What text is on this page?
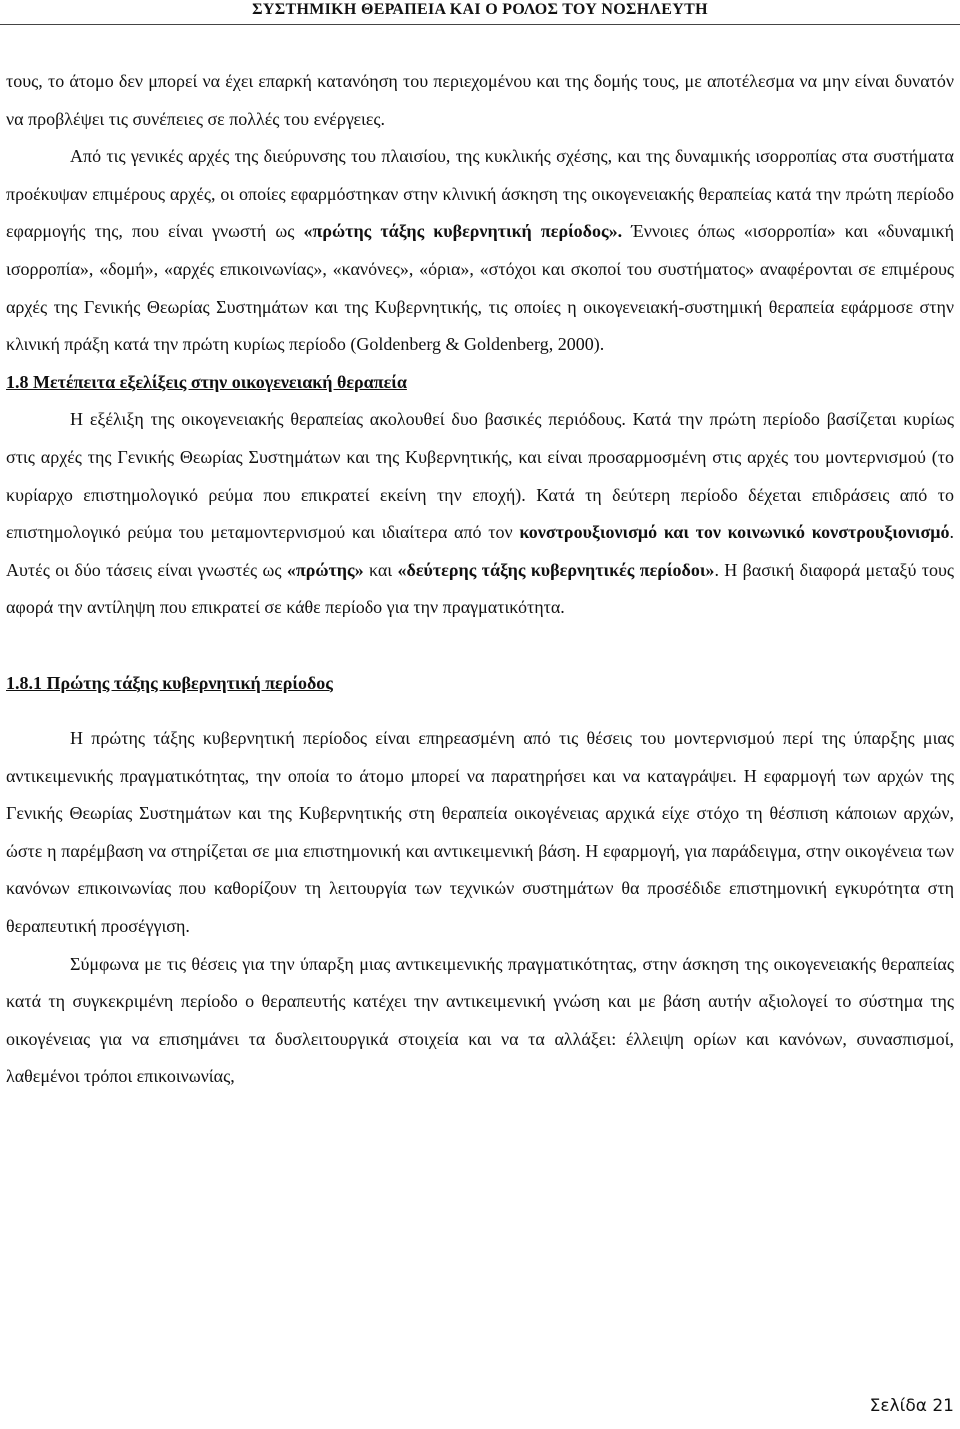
ΣΥΣΤΗΜΙΚΗ ΘΕΡΑΠΕΙΑ ΚΑΙ Ο ΡΟΛΟΣ ΤΟΥ ΝΟΣΗΛΕΥΤΗ

τους, το άτομο δεν μπορεί να έχει επαρκή κατανόηση του περιεχομένου και της δομής τους, με αποτέλεσμα να μην είναι δυνατόν να προβλέψει τις συνέπειες σε πολλές του ενέργειες.

Από τις γενικές αρχές της διεύρυνσης του πλαισίου, της κυκλικής σχέσης, και της δυναμικής ισορροπίας στα συστήματα προέκυψαν επιμέρους αρχές, οι οποίες εφαρμόστηκαν στην κλινική άσκηση της οικογενειακής θεραπείας κατά την πρώτη περίοδο εφαρμογής της, που είναι γνωστή ως «πρώτης τάξης κυβερνητική περίοδος». Έννοιες όπως «ισορροπία» και «δυναμική ισορροπία», «δομή», «αρχές επικοινωνίας», «κανόνες», «όρια», «στόχοι και σκοποί του συστήματος» αναφέρονται σε επιμέρους αρχές της Γενικής Θεωρίας Συστημάτων και της Κυβερνητικής, τις οποίες η οικογενειακή-συστημική θεραπεία εφάρμοσε στην κλινική πράξη κατά την πρώτη κυρίως περίοδο (Goldenberg & Goldenberg, 2000).

1.8 Μετέπειτα εξελίξεις στην οικογενειακή θεραπεία

Η εξέλιξη της οικογενειακής θεραπείας ακολουθεί δυο βασικές περιόδους. Κατά την πρώτη περίοδο βασίζεται κυρίως στις αρχές της Γενικής Θεωρίας Συστημάτων και της Κυβερνητικής, και είναι προσαρμοσμένη στις αρχές του μοντερνισμού (το κυρίαρχο επιστημολογικό ρεύμα που επικρατεί εκείνη την εποχή). Κατά τη δεύτερη περίοδο δέχεται επιδράσεις από το επιστημολογικό ρεύμα του μεταμοντερνισμού και ιδιαίτερα από τον κονστρουξιονισμό και τον κοινωνικό κονστρουξιονισμό. Αυτές οι δύο τάσεις είναι γνωστές ως «πρώτης» και «δεύτερης τάξης κυβερνητικές περίοδοι». Η βασική διαφορά μεταξύ τους αφορά την αντίληψη που επικρατεί σε κάθε περίοδο για την πραγματικότητα.

1.8.1 Πρώτης τάξης κυβερνητική περίοδος

Η πρώτης τάξης κυβερνητική περίοδος είναι επηρεασμένη από τις θέσεις του μοντερνισμού περί της ύπαρξης μιας αντικειμενικής πραγματικότητας, την οποία το άτομο μπορεί να παρατηρήσει και να καταγράψει. Η εφαρμογή των αρχών της Γενικής Θεωρίας Συστημάτων και της Κυβερνητικής στη θεραπεία οικογένειας αρχικά είχε στόχο τη θέσπιση κάποιων αρχών, ώστε η παρέμβαση να στηρίζεται σε μια επιστημονική και αντικειμενική βάση. Η εφαρμογή, για παράδειγμα, στην οικογένεια των κανόνων επικοινωνίας που καθορίζουν τη λειτουργία των τεχνικών συστημάτων θα προσέδιδε επιστημονική εγκυρότητα στη θεραπευτική προσέγγιση.

Σύμφωνα με τις θέσεις για την ύπαρξη μιας αντικειμενικής πραγματικότητας, στην άσκηση της οικογενειακής θεραπείας κατά τη συγκεκριμένη περίοδο ο θεραπευτής κατέχει την αντικειμενική γνώση και με βάση αυτήν αξιολογεί το σύστημα της οικογένειας για να επισημάνει τα δυσλειτουργικά στοιχεία και να τα αλλάξει: έλλειψη ορίων και κανόνων, συνασπισμοί, λαθεμένοι τρόποι επικοινωνίας,

Σελίδα 21
